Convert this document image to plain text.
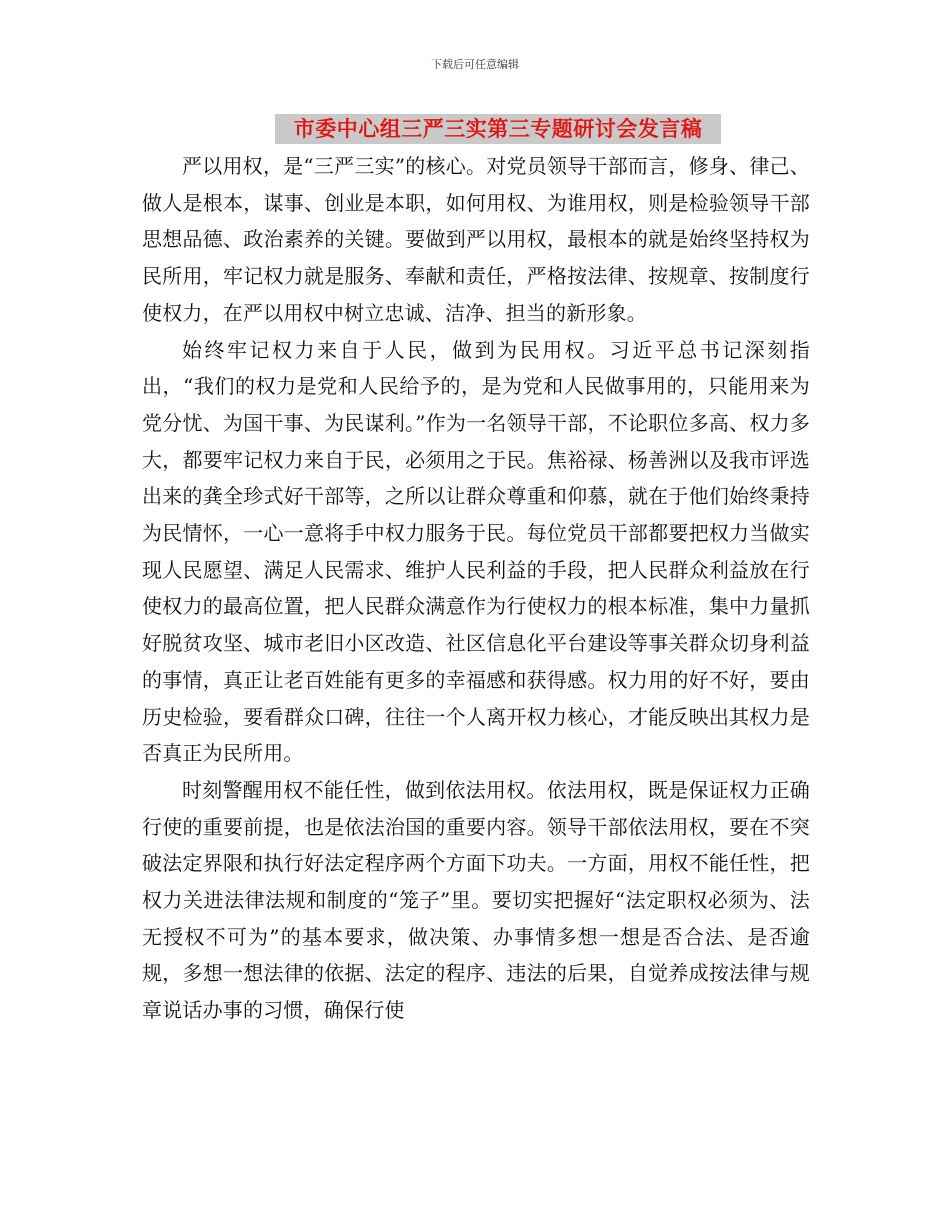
下载后可任意编辑
市委中心组三严三实第三专题研讨会发言稿

严以用权，是“三严三实”的核心。对党员领导干部而言，修身、律己、做人是根本，谋事、创业是本职，如何用权、为谁用权，则是检验领导干部思想品德、政治素养的关键。要做到严以用权，最根本的就是始终坚持权为民所用，牢记权力就是服务、奉献和责任，严格按法律、按规章、按制度行使权力，在严以用权中树立忠诚、洁净、担当的新形象。

始终牢记权力来自于人民，做到为民用权。习近平总书记深刻指出，“我们的权力是党和人民给予的，是为党和人民做事用的，只能用来为党分忧、为国干事、为民谋利。”作为一名领导干部，不论职位多高、权力多大，都要牢记权力来自于民，必须用之于民。焦裕禄、杨善洲以及我市评选出来的龚全珍式好干部等，之所以让群众尊重和仰慕，就在于他们始终秉持为民情怀，一心一意将手中权力服务于民。每位党员干部都要把权力当做实现人民愿望、满足人民需求、维护人民利益的手段，把人民群众利益放在行使权力的最高位置，把人民群众满意作为行使权力的根本标准，集中力量抓好脱贫攻坚、城市老旧小区改造、社区信息化平台建设等事关群众切身利益的事情，真正让老百姓能有更多的幸福感和获得感。权力用的好不好，要由历史检验，要看群众口碑，往往一个人离开权力核心，才能反映出其权力是否真正为民所用。

时刻警醒用权不能任性，做到依法用权。依法用权，既是保证权力正确行使的重要前提，也是依法治国的重要内容。领导干部依法用权，要在不突破法定界限和执行好法定程序两个方面下功夫。一方面，用权不能任性，把权力关进法律法规和制度的“笼子”里。要切实把握好“法定职权必须为、法无授权不可为”的基本要求，做决策、办事情多想一想是否合法、是否逾规，多想一想法律的依据、法定的程序、违法的后果，自觉养成按法律与规章说话办事的习惯，确保行使
